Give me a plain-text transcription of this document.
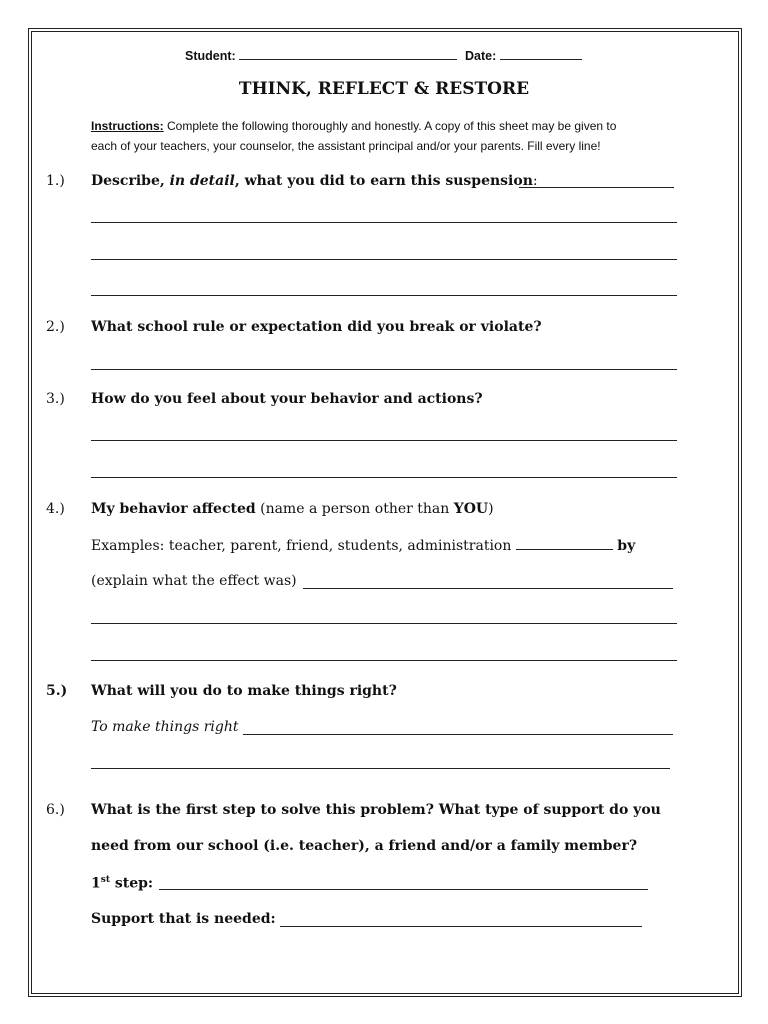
Student:	Date:
THINK, REFLECT & RESTORE
Instructions: Complete the following thoroughly and honestly. A copy of this sheet may be given to
each of your teachers, your counselor, the assistant principal and/or your parents. Fill every line!
1.) Describe, in detail, what you did to earn this suspension:
2.) What school rule or expectation did you break or violate?
3.) How do you feel about your behavior and actions?
4.) My behavior affected (name a person other than YOU)
Examples: teacher, parent, friend, students, administration	by
(explain what the effect was)
5.) What will you do to make things right?
To make things right
6.) What is the first step to solve this problem? What type of support do you
need from our school (i.e. teacher), a friend and/or a family member?
1st step:
Support that is needed:
